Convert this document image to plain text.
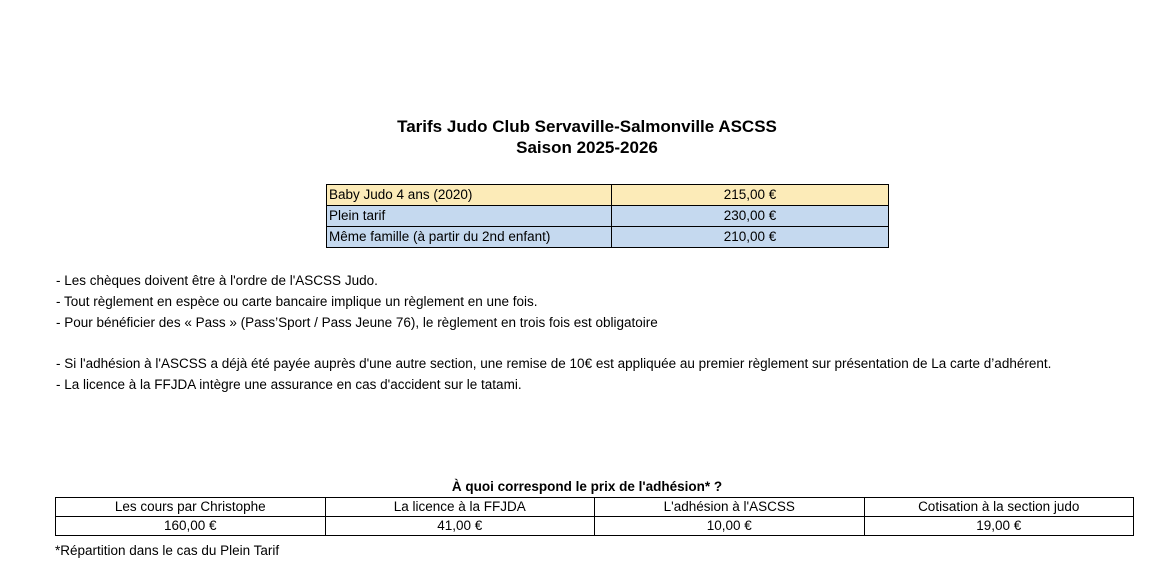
Tarifs Judo Club Servaville-Salmonville ASCSS
Saison 2025-2026
Baby Judo 4 ans (2020)	215,00 €
Plein tarif	230,00 €
Même famille (à partir du 2nd enfant)	210,00 €
- Les chèques doivent être à l'ordre de l'ASCSS Judo.
- Tout règlement en espèce ou carte bancaire implique un règlement en une fois.
- Pour bénéficier des « Pass » (Pass’Sport / Pass Jeune 76), le règlement en trois fois est obligatoire
- Si l'adhésion à l'ASCSS a déjà été payée auprès d'une autre section, une remise de 10€ est appliquée au premier règlement sur présentation de La carte d’adhérent.
- La licence à la FFJDA intègre une assurance en cas d'accident sur le tatami.
À quoi correspond le prix de l'adhésion* ?
Les cours par Christophe	La licence à la FFJDA	L'adhésion à l'ASCSS	Cotisation à la section judo
160,00 €	41,00 €	10,00 €	19,00 €
*Répartition dans le cas du Plein Tarif
